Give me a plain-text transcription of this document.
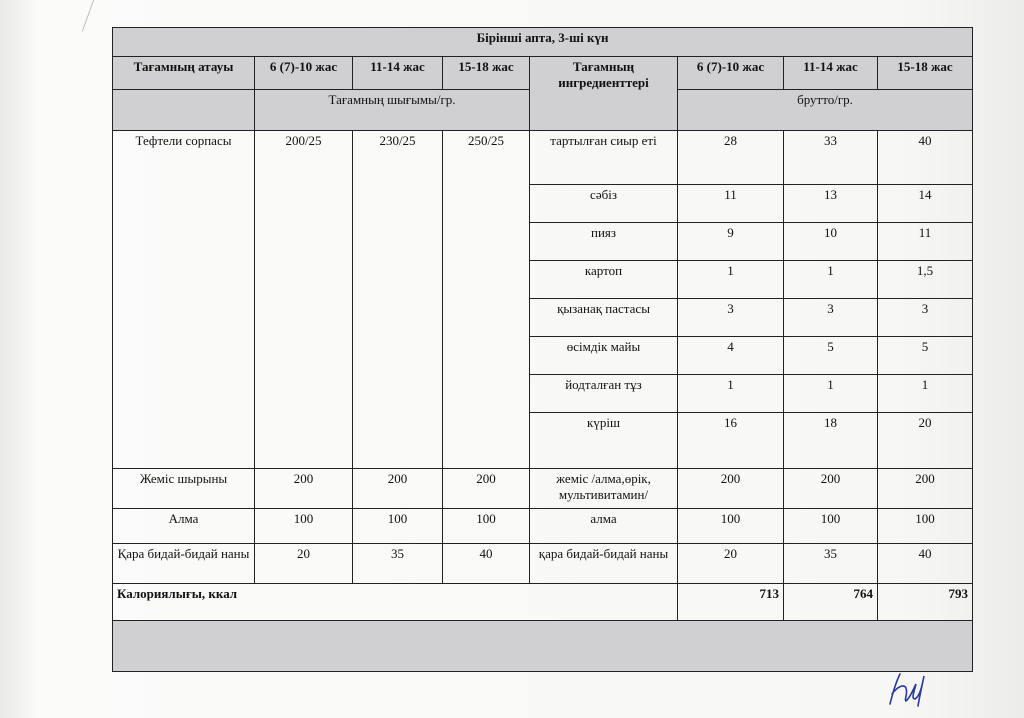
Бірінші апта, 3-ші күн							
Тағамның атауы	6 (7)-10 жас	11-14 жас	15-18 жас	Тағамның ингредиенттері	6 (7)-10 жас	11-14 жас	15-18 жас
	Тағамның шығымы/гр.				брутто/гр.		
Тефтели сорпасы	200/25	230/25	250/25	тартылған сиыр еті	28	33	40
				сәбіз	11	13	14
				пияз	9	10	11
				картоп	1	1	1,5
				қызанақ пастасы	3	3	3
				өсімдік майы	4	5	5
				йодталған тұз	1	1	1
				күріш	16	18	20
Жеміс шырыны	200	200	200	жеміс /алма,өрік, мультивитамин/	200	200	200
Алма	100	100	100	алма	100	100	100
Қара бидай-бидай наны	20	35	40	қара бидай-бидай наны	20	35	40
Калориялығы, ккал					713	764	793
